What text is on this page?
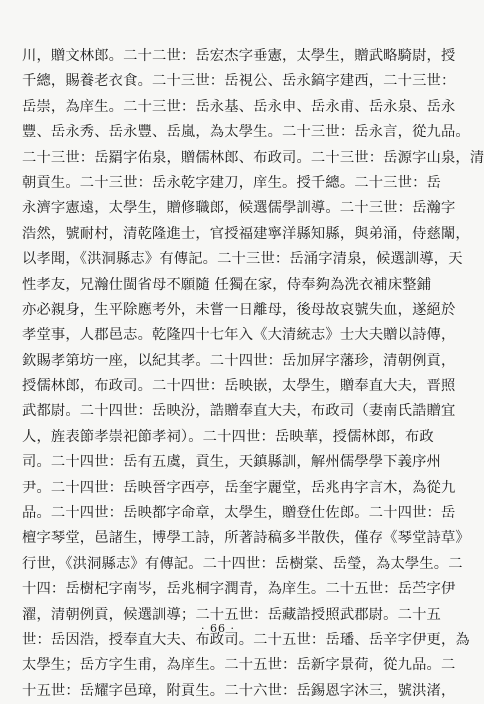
川，贈文林郎。二十二世：岳宏杰字垂憲，太學生，贈武略騎尉，授
千總，賜養老衣食。二十三世：岳視公、岳永鎬字建西，二十三世：
岳崇，為庠生。二十三世：岳永基、岳永申、岳永甫、岳永泉、岳永
豐、岳永秀、岳永豐、岳嵐，為太學生。二十三世：岳永言，從九品。
二十三世：岳羂字佑泉，贈儒林郎、布政司。二十三世：岳源字山泉，清
朝貢生。二十三世：岳永乾字建刀，庠生。授千總。二十三世：岳
永濟字憲遠，太學生，贈修職郎，候選儒學訓導。二十三世：岳瀚字
浩然，號耐村，清乾隆進士，官授福建寧洋縣知縣，與弟涌，侍慈闈，
以孝聞，《洪洞縣志》有傳記。二十三世：岳涌字清泉，候選訓導，天
性孝友，兄瀚仕閩省母不願隨 任獨在家，侍奉夠為洗衣補床整鋪
亦必親身，生平除應考外，未嘗一日離母，後母故哀號失血，遂絕於
孝堂事，人郡邑志。乾隆四十七年入《大清統志》士大夫贈以詩傳，
欽賜孝第坊一座，以紀其孝。二十四世：岳加屏字藩珍，清朝例貢，
授儒林郎，布政司。二十四世：岳映嵌，太學生，贈奉直大夫，晋照
武都尉。二十四世：岳映汾，誥贈奉直大夫，布政司（妻南氏誥贈宜
人，旌表節孝崇祀節孝祠）。二十四世：岳映華，授儒林郎，布政
司。二十四世：岳有五虞，貢生，天鎮縣訓，解州儒學學下義序州
尹。二十四世：岳映晉字西亭，岳奎字麗堂，岳兆冉字言木，為從九
品。二十四世：岳映都字命章，太學生，贈登仕佐郎。二十四世：岳
檀字琴堂，邑諸生，博學工詩，所著詩稿多半散佚，僅存《琴堂詩草》
行世，《洪洞縣志》有傳記。二十四世：岳樹棠、岳瑩，為太學生。二
十四：岳樹杞字南岑，岳兆桐字潤青，為庠生。二十五世：岳苎字伊
濯，清朝例貢，候選訓導；二十五世：岳藏誥授照武郡尉。二十五
世：岳因浩，授奉直大夫、布政司。二十五世：岳璠、岳辛字伊更，為
太學生；岳方字生甫，為庠生。二十五世：岳新字景荷，從九品。二
十五世：岳耀字邑璋，附貢生。二十六世：岳錫恩字沐三，號洪渚，
· 66 ·
